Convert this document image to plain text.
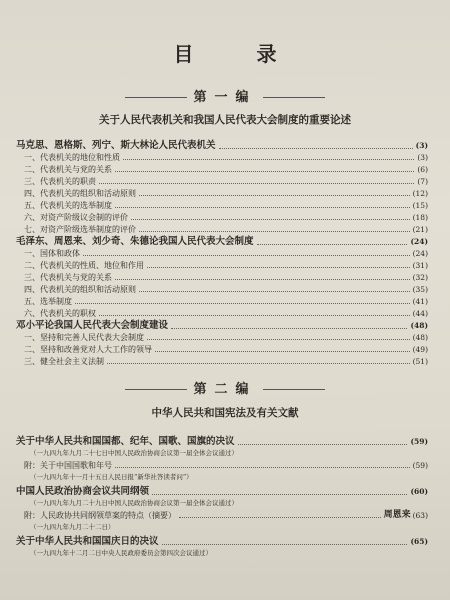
目 录
第一编
关于人民代表机关和我国人民代表大会制度的重要论述
马克思、恩格斯、列宁、斯大林论人民代表机关	(3)
一、代表机关的地位和性质	(3)
二、代表机关与党的关系	(6)
三、代表机关的职责	(7)
四、代表机关的组织和活动原则	(12)
五、代表机关的选举制度	(15)
六、对资产阶级议会制的评价	(18)
七、对资产阶级选举制度的评价	(21)
毛泽东、周恩来、刘少奇、朱德论我国人民代表大会制度	(24)
一、国体和政体	(24)
二、代表机关的性质、地位和作用	(31)
三、代表机关与党的关系	(32)
四、代表机关的组织和活动原则	(35)
五、选举制度	(41)
六、代表机关的职权	(44)
邓小平论我国人民代表大会制度建设	(48)
一、坚持和完善人民代表大会制度	(48)
二、坚持和改善党对人大工作的领导	(49)
三、健全社会主义法制	(51)
第二编
中华人民共和国宪法及有关文献
关于中华人民共和国国都、纪年、国歌、国旗的决议	(59)
（一九四九年九月二十七日中国人民政治协商会议第一届全体会议通过）
附：关于中国国歌和年号	(59)
（一九四九年十一月十五日人民日报“新华社答读者问”）
中国人民政治协商会议共同纲领	(60)
（一九四九年九月二十九日中国人民政治协商会议第一届全体会议通过）
附：人民政协共同纲领草案的特点（摘要）	周恩来 (63)
（一九四九年九月二十二日）
关于中华人民共和国国庆日的决议	(65)
（一九四九年十二月二日中央人民政府委员会第四次会议通过）
